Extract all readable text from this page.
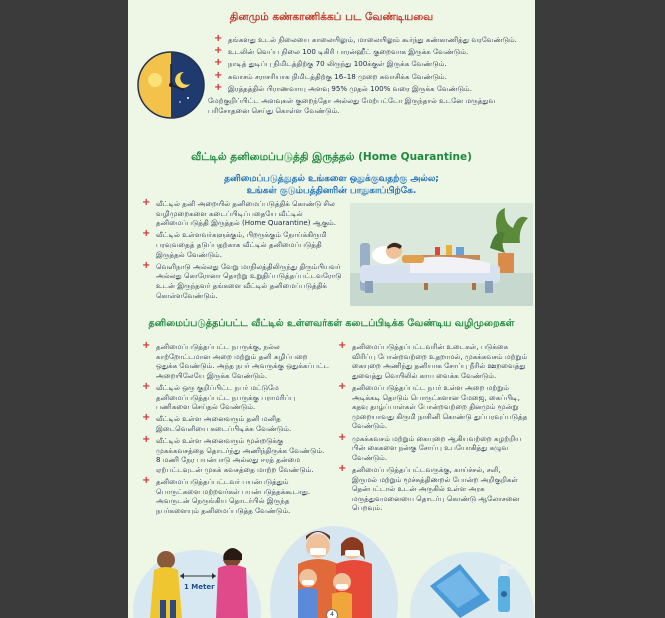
தினமும் கண்காணிக்கப் பட வேண்டியவை
+ தங்களது உடல் நிலையை காலையிலும், மாலையிலும் கூர்ந்து கண்காணித்து வரவேண்டும்.
+ உடலின் வெப்ப நிலை 100 டிகிரி பாரன்ஹீட் குறைவாக இருக்க வேண்டும்.
+ நாடித் துடிப்பு நிமிடத்திற்கு 70 லிருந்து 100க்குள் இருக்க வேண்டும்.
+ சுவாசம் சராசரியாக நிமிடத்திற்கு 16–18 முறை சுவாசிக்க வேண்டும்.
+ இரத்தத்தில் பிராணவாயு அளவு 95% முதல் 100% வரை இருக்க வேண்டும்.
மேற்குறிப்பிட்ட அளவுகள் குறைந்தோ அல்லது மேற்பட்டோ இருந்தால் உடனே மருத்துவ பரிசோதனை செய்து கொள்ள வேண்டும்.
வீட்டில் தனிமைப்படுத்தி இருத்தல் (Home Quarantine)
தனிமைப்படுத்துதல் உங்களை ஒதுக்குவதற்கு அல்ல;
உங்கள் குடும்பத்தினரின் பாதுகாப்பிற்கே.
+ வீட்டில் தனி அறையில் தனிமைப்படுத்திக் கொண்டு சில வழிமுறைகளை கடைப்பிடிப்பதையே வீட்டில் தனிமைப்படுத்தி இருத்தல் (Home Quarantine) ஆகும்.
+ வீட்டில் உள்ளவர்களுக்கும், பிறருக்கும் நோய்க்கிருமி பரவுவதைத் தடுப்பதற்காக வீட்டில் தனிமைப்படுத்தி இருத்தல் வேண்டும்.
+ வெளிநாடு அல்லது வேறு மாநிலத்திலிருந்து திரும்பியவர் அல்லது கொரோனா தொற்று உறுதிப்படுத்தப்பட்டவரோடு உடன் இருந்தவர் தங்களை வீட்டில் தனிமைப்படுத்திக் கொள்ளவேண்டும்.
தனிமைப்படுத்தப்பட்ட வீட்டில் உள்ளவர்கள் கடைப்பிடிக்க வேண்டிய வழிமுறைகள்
+ தனிமைப்படுத்தப்பட்ட நபருக்கு, நல்ல காற்றோட்டமான அறை மற்றும் தனி கழிப்பறை ஒதுக்க வேண்டும். அந்த நபர் அவருக்கு ஒதுக்கப்பட்ட அறையிலேயே இருக்க வேண்டும்.
+ வீட்டில் ஒரு குறிப்பிட்ட நபர் மட்டுமே தனிமைப்படுத்தப்பட்ட நபருக்கு பராமரிப்பு பணிகளை செய்தல் வேண்டும்.
+ வீட்டில் உள்ள அனைவரும் தனி மனித இடைவெளியை கடைப்பிடிக்க வேண்டும்.
+ வீட்டில் உள்ள அனைவரும் மூன்றடுக்கு முகக்கவசத்தை தொடர்ந்து அணிந்திருக்க வேண்டும். 8 மணி நேர பயன்பாடு அல்லது ஈரத் தன்மை ஏற்பட்டவுடன் முகக் கவசத்தை மாற்ற வேண்டும்.
+ தனிமைப்படுத்தப்பட்டவர் பயன்படுத்தும் பொருட்களை மற்றவர்கள் பயன்படுத்தக்கூடாது. அவருடன் நெருங்கிய தொடர்பில் இருந்த நபர்களையும் தனிமைப்படுத்த வேண்டும்.
+ தனிமைப்படுத்தப்பட்டவரின் உடைகள், படுக்கை விரிப்பு போன்றவற்றை உதறாமல், முகக்கவசம் மற்றும் கையுறை அணிந்து தனியாக சோப்பு நீரில் ஊறவைத்து துவைத்து வெயிலில் காய வைக்க வேண்டும்.
+ தனிமைப்படுத்தப்பட்ட நபர் உள்ள அறை மற்றும் அடிக்கடி தொடும் பொருட்களான மேஜை, கைப்பிடி, கதவு தாழ்ப்பாள்கள் போன்றவற்றை தினமும் மூன்று முறையாவது கிருமி நாசினி கொண்டு துப்பரவுப்படுத்த வேண்டும்.
+ முகக்கவசம் மற்றும் கையுறை ஆகியவற்றை கழற்றிய பின் கைகளை நன்கு சோப்பு உபயோகித்து கழுவ வேண்டும்.
+ தனிமைப்படுத்தப்பட்டவருக்கு, காய்ச்சல், சளி, இருமல் மற்றும் மூச்சுத்திணறல் போன்ற அறிகுறிகள் தென்பட்டால் உடன் அருகில் உள்ள அரசு மருத்துவமனையை தொடர்பு கொண்டு ஆலோசனை பெறவும்.
1 Meter
4
